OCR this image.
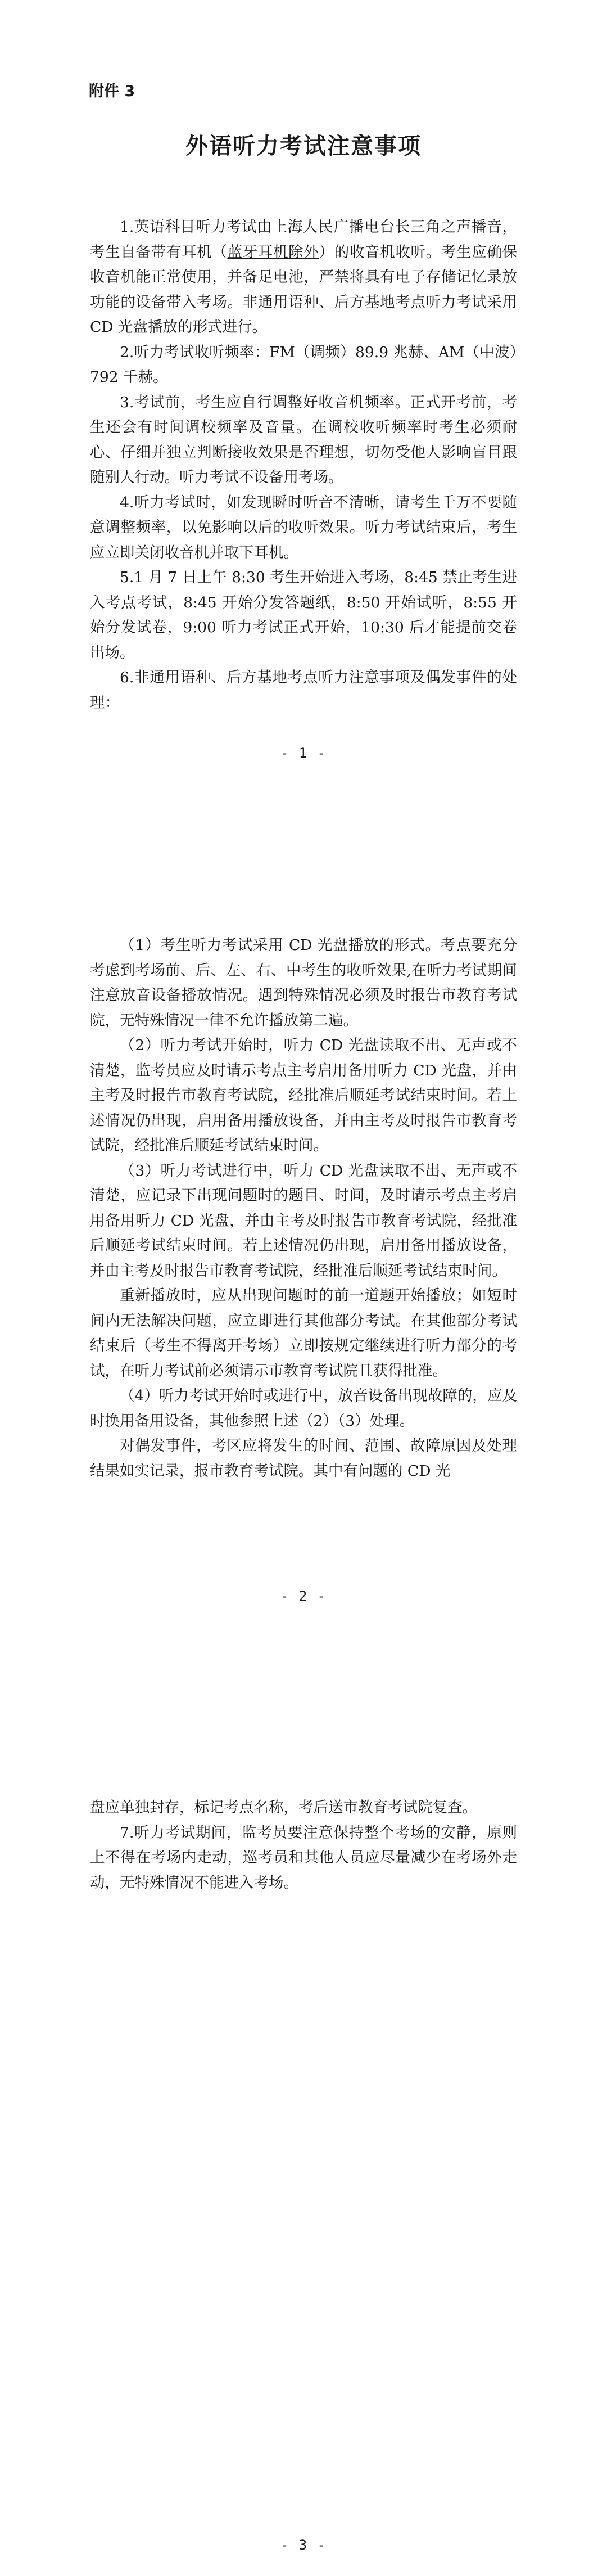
附件 3
外语听力考试注意事项

1.英语科目听力考试由上海人民广播电台长三角之声播音，考生自备带有耳机（蓝牙耳机除外）的收音机收听。考生应确保收音机能正常使用，并备足电池，严禁将具有电子存储记忆录放功能的设备带入考场。非通用语种、后方基地考点听力考试采用 CD 光盘播放的形式进行。

2.听力考试收听频率：FM（调频）89.9 兆赫、AM（中波）792 千赫。

3.考试前，考生应自行调整好收音机频率。正式开考前，考生还会有时间调校频率及音量。在调校收听频率时考生必须耐心、仔细并独立判断接收效果是否理想，切勿受他人影响盲目跟随别人行动。听力考试不设备用考场。

4.听力考试时，如发现瞬时听音不清晰，请考生千万不要随意调整频率，以免影响以后的收听效果。听力考试结束后，考生应立即关闭收音机并取下耳机。

5.1 月 7 日上午 8:30 考生开始进入考场，8:45 禁止考生进入考点考试，8:45 开始分发答题纸，8:50 开始试听，8:55 开始分发试卷，9:00 听力考试正式开始，10:30 后才能提前交卷出场。

6.非通用语种、后方基地考点听力注意事项及偶发事件的处理：

- 1 -

（1）考生听力考试采用 CD 光盘播放的形式。考点要充分考虑到考场前、后、左、右、中考生的收听效果,在听力考试期间注意放音设备播放情况。遇到特殊情况必须及时报告市教育考试院，无特殊情况一律不允许播放第二遍。

（2）听力考试开始时，听力 CD 光盘读取不出、无声或不清楚，监考员应及时请示考点主考启用备用听力 CD 光盘，并由主考及时报告市教育考试院，经批准后顺延考试结束时间。若上述情况仍出现，启用备用播放设备，并由主考及时报告市教育考试院，经批准后顺延考试结束时间。

（3）听力考试进行中，听力 CD 光盘读取不出、无声或不清楚，应记录下出现问题时的题目、时间，及时请示考点主考启用备用听力 CD 光盘，并由主考及时报告市教育考试院，经批准后顺延考试结束时间。若上述情况仍出现，启用备用播放设备，并由主考及时报告市教育考试院，经批准后顺延考试结束时间。

重新播放时，应从出现问题时的前一道题开始播放；如短时间内无法解决问题，应立即进行其他部分考试。在其他部分考试结束后（考生不得离开考场）立即按规定继续进行听力部分的考试，在听力考试前必须请示市教育考试院且获得批准。

（4）听力考试开始时或进行中，放音设备出现故障的，应及时换用备用设备，其他参照上述（2）（3）处理。

对偶发事件，考区应将发生的时间、范围、故障原因及处理结果如实记录，报市教育考试院。其中有问题的 CD 光

- 2 -

盘应单独封存，标记考点名称，考后送市教育考试院复查。

7.听力考试期间，监考员要注意保持整个考场的安静，原则上不得在考场内走动，巡考员和其他人员应尽量减少在考场外走动，无特殊情况不能进入考场。

- 3 -
